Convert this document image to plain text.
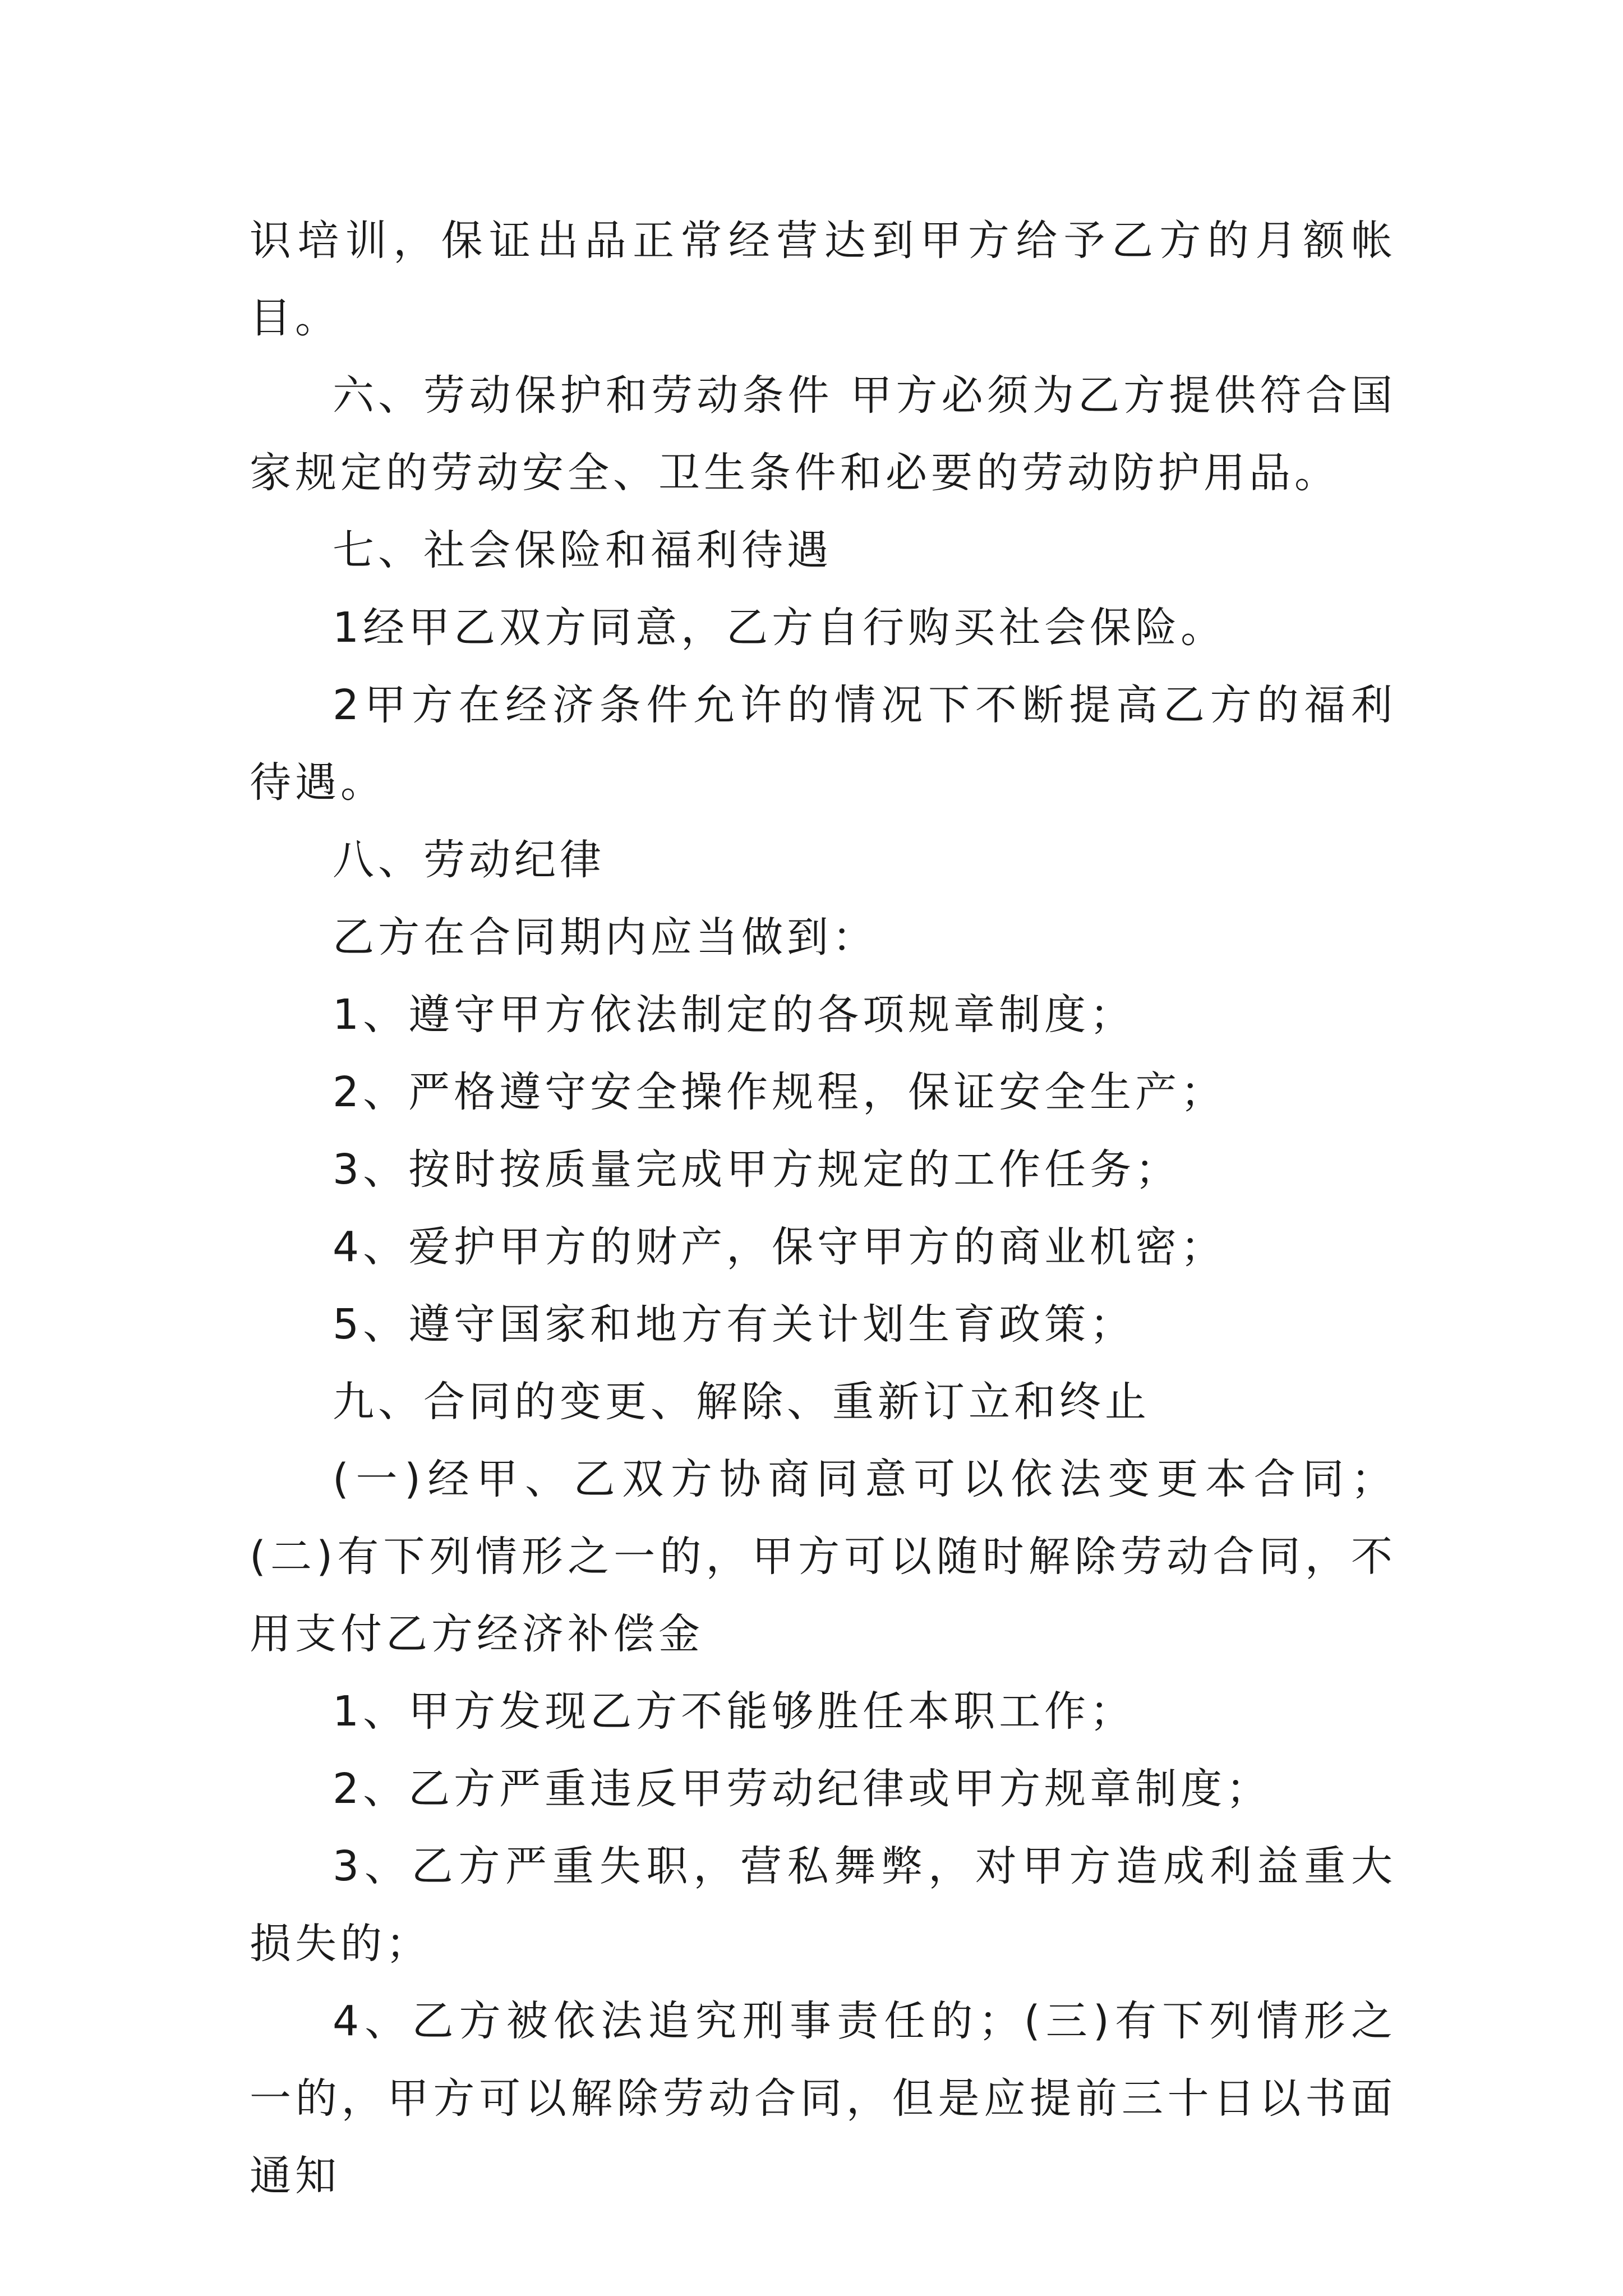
识培训，保证出品正常经营达到甲方给予乙方的月额帐目。

六、劳动保护和劳动条件 甲方必须为乙方提供符合国家规定的劳动安全、卫生条件和必要的劳动防护用品。

七、社会保险和福利待遇

1经甲乙双方同意，乙方自行购买社会保险。

2甲方在经济条件允许的情况下不断提高乙方的福利待遇。

八、劳动纪律

乙方在合同期内应当做到：

1、遵守甲方依法制定的各项规章制度；

2、严格遵守安全操作规程，保证安全生产；

3、按时按质量完成甲方规定的工作任务；

4、爱护甲方的财产，保守甲方的商业机密；

5、遵守国家和地方有关计划生育政策；

九、合同的变更、解除、重新订立和终止

(一)经甲、乙双方协商同意可以依法变更本合同；(二)有下列情形之一的，甲方可以随时解除劳动合同，不用支付乙方经济补偿金

1、甲方发现乙方不能够胜任本职工作；

2、乙方严重违反甲劳动纪律或甲方规章制度；

3、乙方严重失职，营私舞弊，对甲方造成利益重大损失的；

4、乙方被依法追究刑事责任的；(三)有下列情形之一的，甲方可以解除劳动合同，但是应提前三十日以书面通知
